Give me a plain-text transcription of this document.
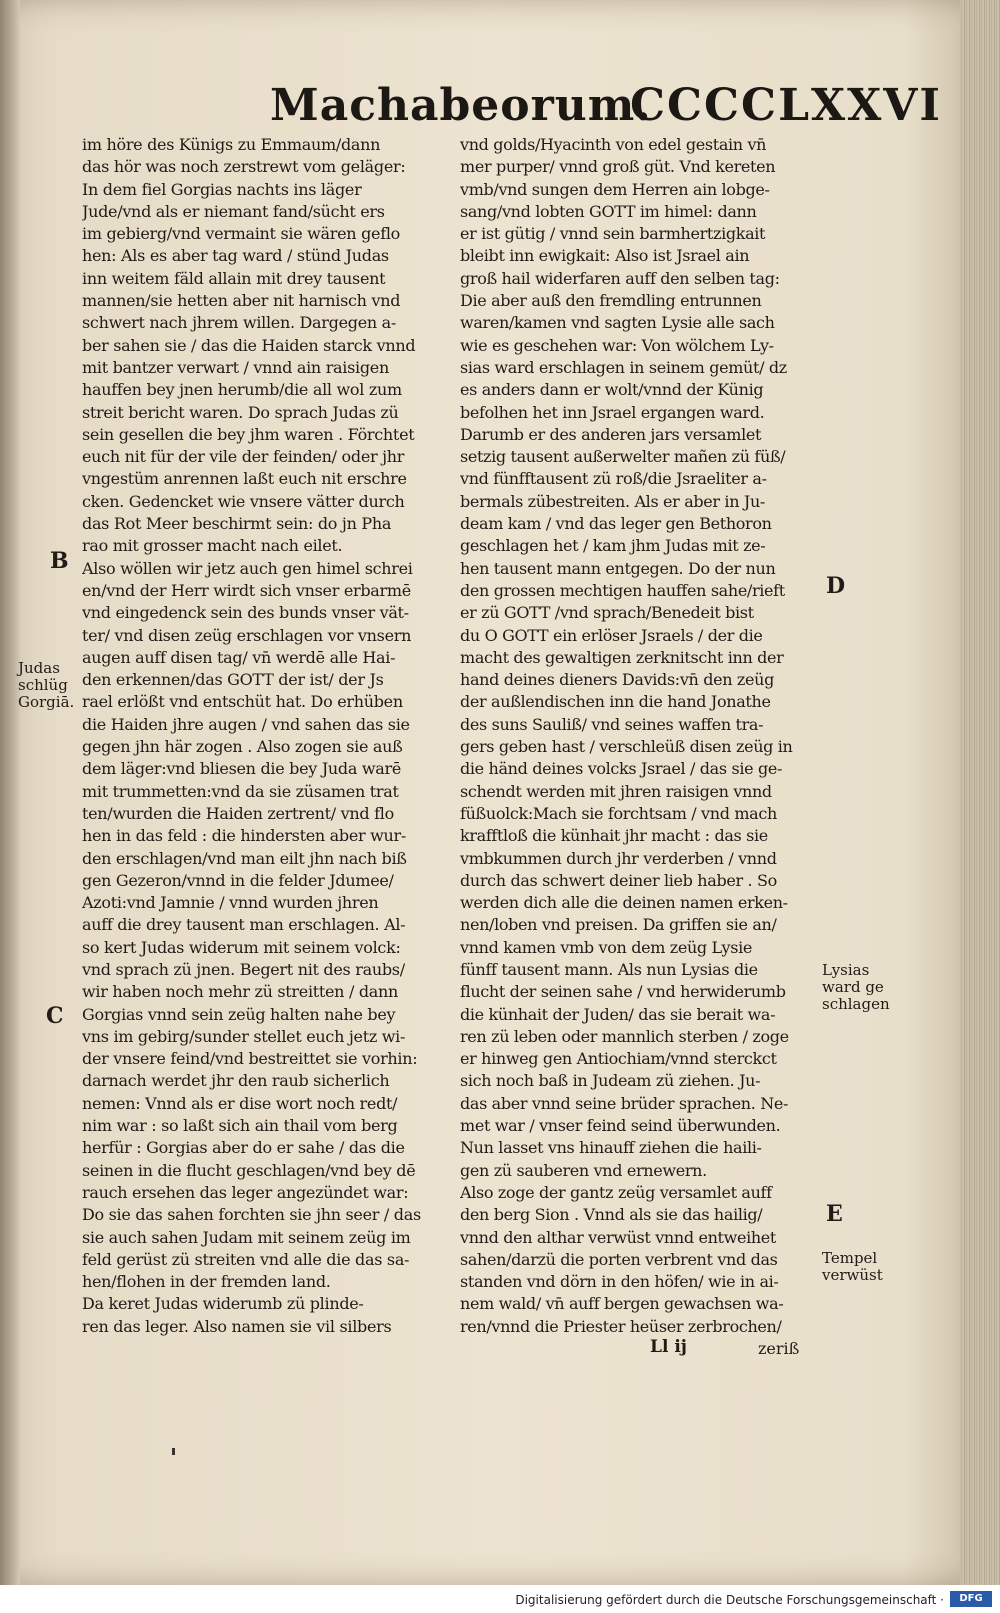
Machabeorum.
CCCCLXXVI
im höre des Künigs zu Emmaum/dann
das hör was noch zerstrewt vom geläger:
In dem fiel Gorgias nachts ins läger
Jude/vnd als er niemant fand/sücht ers
im gebierg/vnd vermaint sie wären geflo
hen: Als es aber tag ward / stünd Judas
inn weitem fäld allain mit drey tausent
mannen/sie hetten aber nit harnisch vnd
schwert nach jhrem willen. Dargegen a-
ber sahen sie / das die Haiden starck vnnd
mit bantzer verwart / vnnd ain raisigen
hauffen bey jnen herumb/die all wol zum
streit bericht waren. Do sprach Judas zü
sein gesellen die bey jhm waren . Förchtet
euch nit für der vile der feinden/ oder jhr
vngestüm anrennen laßt euch nit erschre
cken. Gedencket wie vnsere vätter durch
das Rot Meer beschirmt sein: do jn Pha
rao mit grosser macht nach eilet.
Also wöllen wir jetz auch gen himel schrei
en/vnd der Herr wirdt sich vnser erbarmē
vnd eingedenck sein des bunds vnser vät-
ter/ vnd disen zeüg erschlagen vor vnsern
augen auff disen tag/ vn̄ werdē alle Hai-
den erkennen/das GOTT der ist/ der Js
rael erlößt vnd entschüt hat. Do erhüben
die Haiden jhre augen / vnd sahen das sie
gegen jhn här zogen . Also zogen sie auß
dem läger:vnd bliesen die bey Juda warē
mit trummetten:vnd da sie züsamen trat
ten/wurden die Haiden zertrent/ vnd flo
hen in das feld : die hindersten aber wur-
den erschlagen/vnd man eilt jhn nach biß
gen Gezeron/vnnd in die felder Jdumee/
Azoti:vnd Jamnie / vnnd wurden jhren
auff die drey tausent man erschlagen. Al-
so kert Judas widerum mit seinem volck:
vnd sprach zü jnen. Begert nit des raubs/
wir haben noch mehr zü streitten / dann
Gorgias vnnd sein zeüg halten nahe bey
vns im gebirg/sunder stellet euch jetz wi-
der vnsere feind/vnd bestreittet sie vorhin:
darnach werdet jhr den raub sicherlich
nemen: Vnnd als er dise wort noch redt/
nim war : so laßt sich ain thail vom berg
herfür : Gorgias aber do er sahe / das die
seinen in die flucht geschlagen/vnd bey dē
rauch ersehen das leger angezündet war:
Do sie das sahen forchten sie jhn seer / das
sie auch sahen Judam mit seinem zeüg im
feld gerüst zü streiten vnd alle die das sa-
hen/flohen in der fremden land.
Da keret Judas widerumb zü plinde-
ren das leger. Also namen sie vil silbers
vnd golds/Hyacinth von edel gestain vn̄
mer purper/ vnnd groß güt. Vnd kereten
vmb/vnd sungen dem Herren ain lobge-
sang/vnd lobten GOTT im himel: dann
er ist gütig / vnnd sein barmhertzigkait
bleibt inn ewigkait: Also ist Jsrael ain
groß hail widerfaren auff den selben tag:
Die aber auß den fremdling entrunnen
waren/kamen vnd sagten Lysie alle sach
wie es geschehen war: Von wölchem Ly-
sias ward erschlagen in seinem gemüt/ dz
es anders dann er wolt/vnnd der Künig
befolhen het inn Jsrael ergangen ward.
Darumb er des anderen jars versamlet
setzig tausent außerwelter mañen zü füß/
vnd fünfftausent zü roß/die Jsraeliter a-
bermals zübestreiten. Als er aber in Ju-
deam kam / vnd das leger gen Bethoron
geschlagen het / kam jhm Judas mit ze-
hen tausent mann entgegen. Do der nun
den grossen mechtigen hauffen sahe/rieft
er zü GOTT /vnd sprach/Benedeit bist
du O GOTT ein erlöser Jsraels / der die
macht des gewaltigen zerknitscht inn der
hand deines dieners Davids:vn̄ den zeüg
der außlendischen inn die hand Jonathe
des suns Sauliß/ vnd seines waffen tra-
gers geben hast / verschleüß disen zeüg in
die händ deines volcks Jsrael / das sie ge-
schendt werden mit jhren raisigen vnnd
füßuolck:Mach sie forchtsam / vnd mach
krafftloß die künhait jhr macht : das sie
vmbkummen durch jhr verderben / vnnd
durch das schwert deiner lieb haber . So
werden dich alle die deinen namen erken-
nen/loben vnd preisen. Da griffen sie an/
vnnd kamen vmb von dem zeüg Lysie
fünff tausent mann. Als nun Lysias die
flucht der seinen sahe / vnd herwiderumb
die künhait der Juden/ das sie berait wa-
ren zü leben oder mannlich sterben / zoge
er hinweg gen Antiochiam/vnnd sterckct
sich noch baß in Judeam zü ziehen. Ju-
das aber vnnd seine brüder sprachen. Ne-
met war / vnser feind seind überwunden.
Nun lasset vns hinauff ziehen die haili-
gen zü sauberen vnd ernewern.
Also zoge der gantz zeüg versamlet auff
den berg Sion . Vnnd als sie das hailig/
vnnd den althar verwüst vnnd entweihet
sahen/darzü die porten verbrent vnd das
standen vnd dörn in den höfen/ wie in ai-
nem wald/ vn̄ auff bergen gewachsen wa-
ren/vnnd die Priester heüser zerbrochen/
Ll ij	zeriß
B
Judas
schlüg
Gorgiā.
C
D
Lysias
ward ge
schlagen
E
Tempel
verwüst
Digitalisierung gefördert durch die Deutsche Forschungsgemeinschaft ·	DFG
